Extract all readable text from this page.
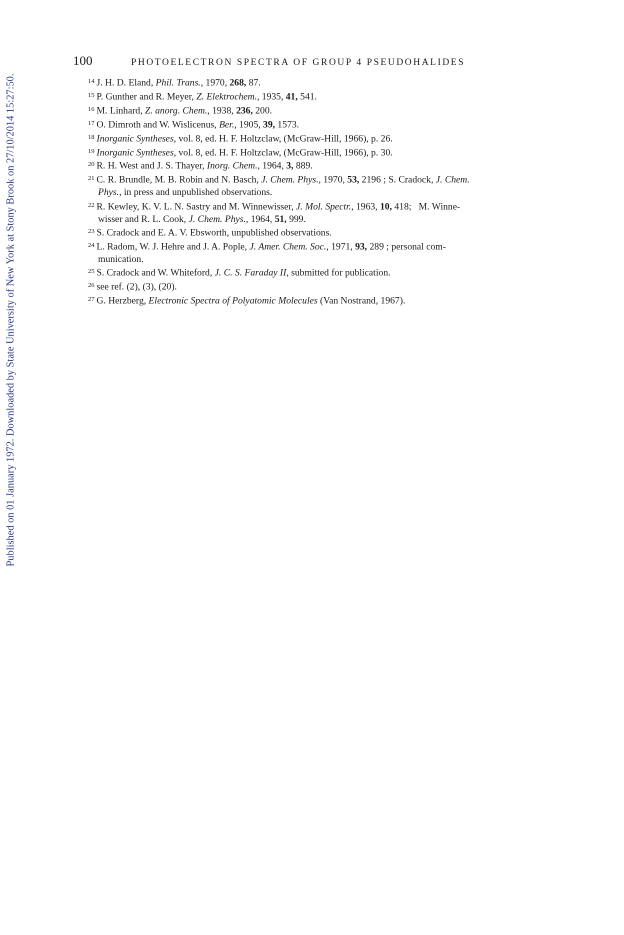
Published on 01 January 1972. Downloaded by State University of New York at Stony Brook on 27/10/2014 15:27:50.
100	PHOTOELECTRON SPECTRA OF GROUP 4 PSEUDOHALIDES
$^{14}$ J. H. D. Eland, Phil. Trans., 1970, 268, 87.
$^{15}$ P. Gunther and R. Meyer, Z. Elektrochem., 1935, 41, 541.
$^{16}$ M. Linhard, Z. anorg. Chem., 1938, 236, 200.
$^{17}$ O. Dimroth and W. Wislicenus, Ber., 1905, 39, 1573.
$^{18}$ Inorganic Syntheses, vol. 8, ed. H. F. Holtzclaw, (McGraw-Hill, 1966), p. 26.
$^{19}$ Inorganic Syntheses, vol. 8, ed. H. F. Holtzclaw, (McGraw-Hill, 1966), p. 30.
$^{20}$ R. H. West and J. S. Thayer, Inorg. Chem., 1964, 3, 889.
$^{21}$ C. R. Brundle, M. B. Robin and N. Basch, J. Chem. Phys., 1970, 53, 2196 ; S. Cradock, J. Chem.
Phys., in press and unpublished observations.
$^{22}$ R. Kewley, K. V. L. N. Sastry and M. Winnewisser, J. Mol. Spectr., 1963, 10, 418;   M. Winne-
wisser and R. L. Cook, J. Chem. Phys., 1964, 51, 999.
$^{23}$ S. Cradock and E. A. V. Ebsworth, unpublished observations.
$^{24}$ L. Radom, W. J. Hehre and J. A. Pople, J. Amer. Chem. Soc., 1971, 93, 289 ; personal com-
munication.
$^{25}$ S. Cradock and W. Whiteford, J. C. S. Faraday II, submitted for publication.
$^{26}$ see ref. (2), (3), (20).
$^{27}$ G. Herzberg, Electronic Spectra of Polyatomic Molecules (Van Nostrand, 1967).
